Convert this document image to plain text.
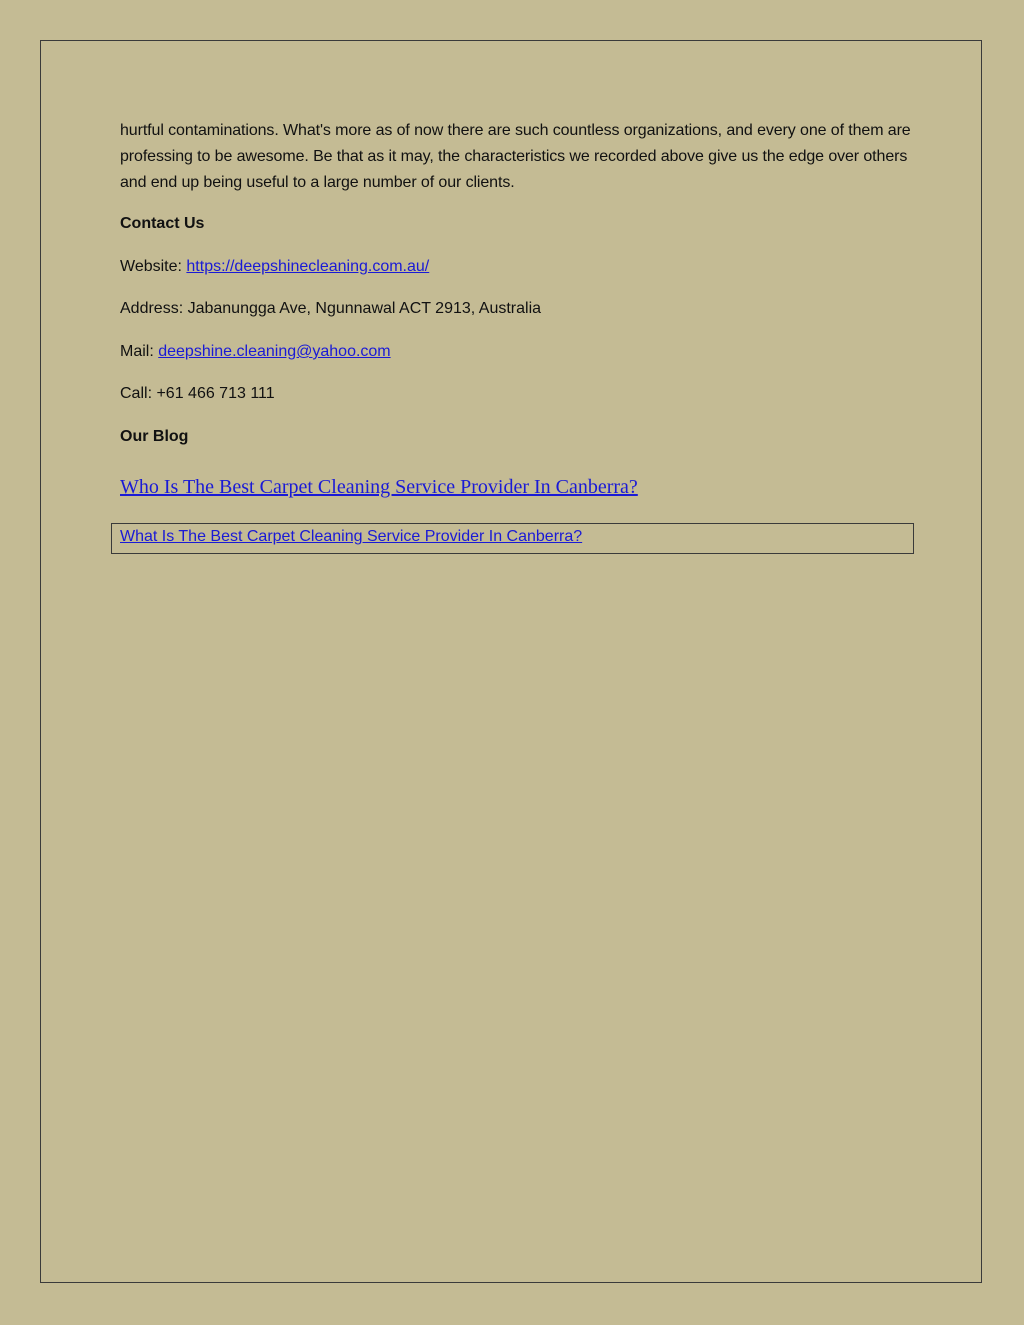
hurtful contaminations. What's more as of now there are such countless organizations, and every one of them are professing to be awesome. Be that as it may, the characteristics we recorded above give us the edge over others and end up being useful to a large number of our clients.

Contact Us
Website: https://deepshinecleaning.com.au/
Address: Jabanungga Ave, Ngunnawal ACT 2913, Australia
Mail: deepshine.cleaning@yahoo.com
Call: +61 466 713 111
Our Blog
Who Is The Best Carpet Cleaning Service Provider In Canberra?
What Is The Best Carpet Cleaning Service Provider In Canberra?
